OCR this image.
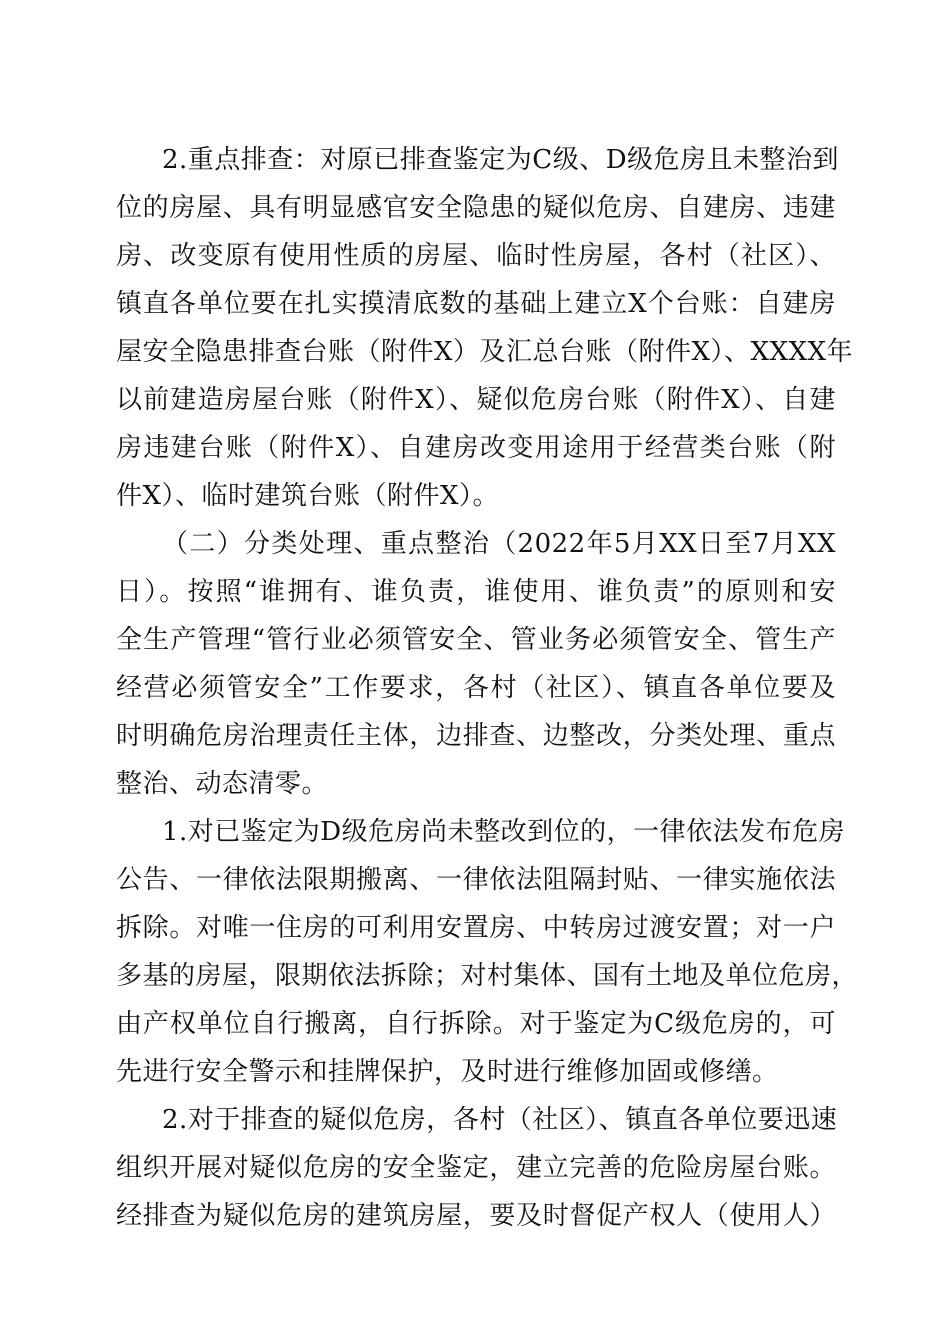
2.重点排查：对原已排查鉴定为C级、D级危房且未整治到
位的房屋、具有明显感官安全隐患的疑似危房、自建房、违建
房、改变原有使用性质的房屋、临时性房屋，各村（社区）、
镇直各单位要在扎实摸清底数的基础上建立X个台账：自建房
屋安全隐患排查台账（附件X）及汇总台账（附件X）、XXXX年
以前建造房屋台账（附件X）、疑似危房台账（附件X）、自建
房违建台账（附件X）、自建房改变用途用于经营类台账（附
件X）、临时建筑台账（附件X）。
（二）分类处理、重点整治（2022年5月XX日至7月XX
日）。按照“谁拥有、谁负责，谁使用、谁负责”的原则和安
全生产管理“管行业必须管安全、管业务必须管安全、管生产
经营必须管安全”工作要求，各村（社区）、镇直各单位要及
时明确危房治理责任主体，边排查、边整改，分类处理、重点
整治、动态清零。
1.对已鉴定为D级危房尚未整改到位的，一律依法发布危房
公告、一律依法限期搬离、一律依法阻隔封贴、一律实施依法
拆除。对唯一住房的可利用安置房、中转房过渡安置；对一户
多基的房屋，限期依法拆除；对村集体、国有土地及单位危房，
由产权单位自行搬离，自行拆除。对于鉴定为C级危房的，可
先进行安全警示和挂牌保护，及时进行维修加固或修缮。
2.对于排查的疑似危房，各村（社区）、镇直各单位要迅速
组织开展对疑似危房的安全鉴定，建立完善的危险房屋台账。
经排查为疑似危房的建筑房屋，要及时督促产权人（使用人）
